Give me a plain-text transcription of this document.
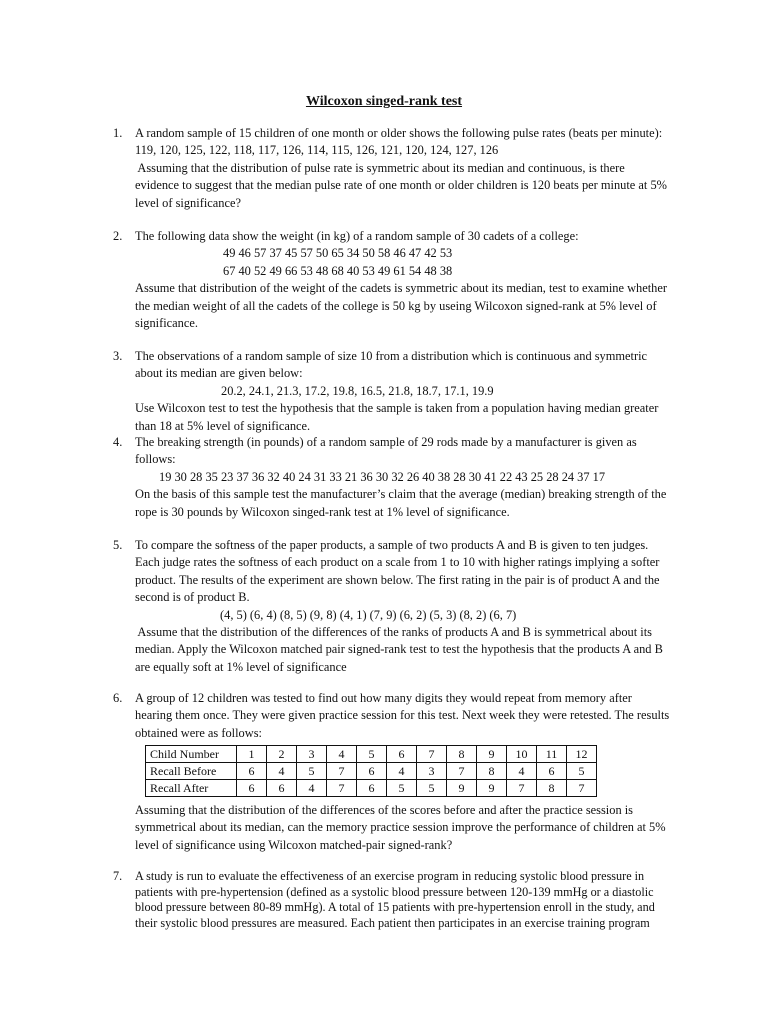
Wilcoxon singed-rank test
1. A random sample of 15 children of one month or older shows the following pulse rates (beats per minute):
119, 120, 125, 122, 118, 117, 126, 114, 115, 126, 121, 120, 124, 127, 126
Assuming that the distribution of pulse rate is symmetric about its median and continuous, is there
evidence to suggest that the median pulse rate of one month or older children is 120 beats per minute at 5%
level of significance?
2. The following data show the weight (in kg) of a random sample of 30 cadets of a college:
49 46 57 37 45 57 50 65 34 50 58 46 47 42 53
67 40 52 49 66 53 48 68 40 53 49 61 54 48 38
Assume that distribution of the weight of the cadets is symmetric about its median, test to examine whether
the median weight of all the cadets of the college is 50 kg by useing Wilcoxon signed-rank at 5% level of
significance.
3. The observations of a random sample of size 10 from a distribution which is continuous and symmetric
about its median are given below:
20.2, 24.1, 21.3, 17.2, 19.8, 16.5, 21.8, 18.7, 17.1, 19.9
Use Wilcoxon test to test the hypothesis that the sample is taken from a population having median greater
than 18 at 5% level of significance.
4. The breaking strength (in pounds) of a random sample of 29 rods made by a manufacturer is given as
follows:
19 30 28 35 23 37 36 32 40 24 31 33 21 36 30 32 26 40 38 28 30 41 22 43 25 28 24 37 17
On the basis of this sample test the manufacturer’s claim that the average (median) breaking strength of the
rope is 30 pounds by Wilcoxon singed-rank test at 1% level of significance.
5. To compare the softness of the paper products, a sample of two products A and B is given to ten judges.
Each judge rates the softness of each product on a scale from 1 to 10 with higher ratings implying a softer
product. The results of the experiment are shown below. The first rating in the pair is of product A and the
second is of product B.
(4, 5) (6, 4) (8, 5) (9, 8) (4, 1) (7, 9) (6, 2) (5, 3) (8, 2) (6, 7)
Assume that the distribution of the differences of the ranks of products A and B is symmetrical about its
median. Apply the Wilcoxon matched pair signed-rank test to test the hypothesis that the products A and B
are equally soft at 1% level of significance
6. A group of 12 children was tested to find out how many digits they would repeat from memory after
hearing them once. They were given practice session for this test. Next week they were retested. The results
obtained were as follows:
Child Number	1	2	3	4	5	6	7	8	9	10	11	12
Recall Before	6	4	5	7	6	4	3	7	8	4	6	5
Recall After	6	6	4	7	6	5	5	9	9	7	8	7
Assuming that the distribution of the differences of the scores before and after the practice session is
symmetrical about its median, can the memory practice session improve the performance of children at 5%
level of significance using Wilcoxon matched-pair signed-rank?
7. A study is run to evaluate the effectiveness of an exercise program in reducing systolic blood pressure in
patients with pre-hypertension (defined as a systolic blood pressure between 120-139 mmHg or a diastolic
blood pressure between 80-89 mmHg). A total of 15 patients with pre-hypertension enroll in the study, and
their systolic blood pressures are measured. Each patient then participates in an exercise training program
